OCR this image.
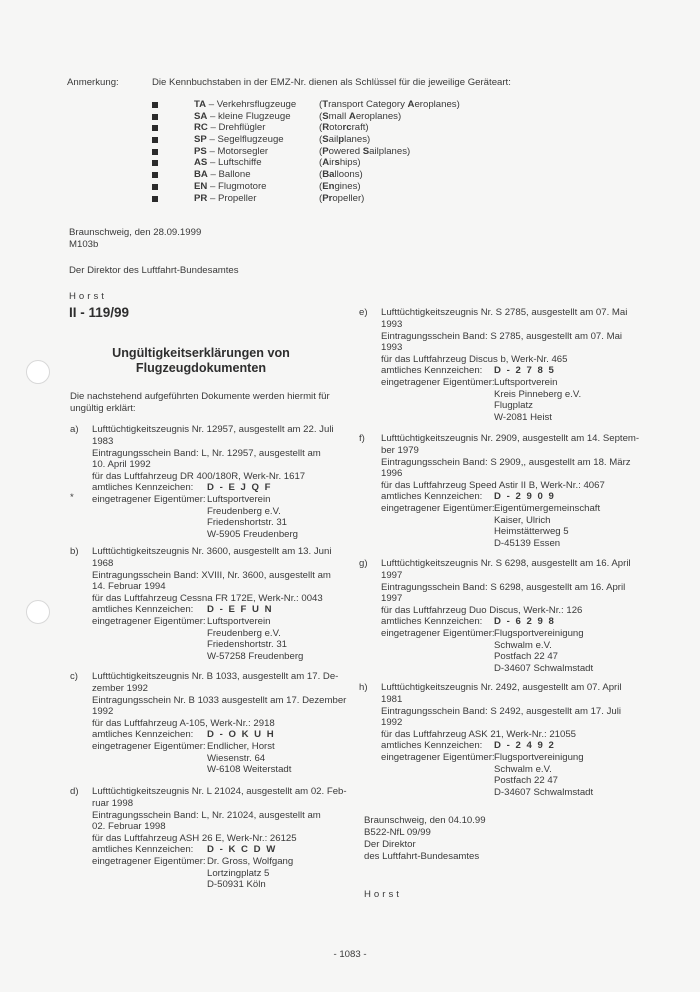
Anmerkung:	Die Kennbuchstaben in der EMZ-Nr. dienen als Schlüssel für die jeweilige Geräteart:
TA – Verkehrsflugzeuge (Transport Category Aeroplanes)
SA – kleine Flugzeuge	(Small Aeroplanes)
RC – Drehflügler	(Rotorcraft)
SP – Segelflugzeuge	(Sailplanes)
PS – Motorsegler	(Powered Sailplanes)
AS – Luftschiffe	(Airships)
BA – Ballone	(Balloons)
EN – Flugmotore	(Engines)
PR – Propeller	(Propeller)
Braunschweig, den 28.09.1999
M103b
Der Direktor des Luftfahrt-Bundesamtes
Horst
II - 119/99
Ungültigkeitserklärungen von
Flugzeugdokumenten
Die nachstehend aufgeführten Dokumente werden hiermit für
ungültig erklärt:
*
a) Lufttüchtigkeitszeugnis Nr. 12957, ausgestellt am 22. Juli
1983
Eintragungsschein Band: L, Nr. 12957, ausgestellt am
10. April 1992
für das Luftfahrzeug DR 400/180R, Werk-Nr. 1617
amtliches Kennzeichen: D - E J Q F
eingetragener Eigentümer: Luftsportverein
Freudenberg e.V.
Friedenshortstr. 31
W-5905 Freudenberg
b) Lufttüchtigkeitszeugnis Nr. 3600, ausgestellt am 13. Juni
1968
Eintragungsschein Band: XVIII, Nr. 3600, ausgestellt am
14. Februar 1994
für das Luftfahrzeug Cessna FR 172E, Werk-Nr.: 0043
amtliches Kennzeichen: D - E F U N
eingetragener Eigentümer: Luftsportverein
Freudenberg e.V.
Friedenshortstr. 31
W-57258 Freudenberg
c) Lufttüchtigkeitszeugnis Nr. B 1033, ausgestellt am 17. De-
zember 1992
Eintragungsschein Nr. B 1033 ausgestellt am 17. Dezember
1992
für das Luftfahrzeug A-105, Werk-Nr.: 2918
amtliches Kennzeichen: D - O K U H
eingetragener Eigentümer: Endlicher, Horst
Wiesenstr. 64
W-6108 Weiterstadt
d) Lufttüchtigkeitszeugnis Nr. L 21024, ausgestellt am 02. Feb-
ruar 1998
Eintragungsschein Band: L, Nr. 21024, ausgestellt am
02. Februar 1998
für das Luftfahrzeug ASH 26 E, Werk-Nr.: 26125
amtliches Kennzeichen: D - K C D W
eingetragener Eigentümer: Dr. Gross, Wolfgang
Lortzingplatz 5
D-50931 Köln
e) Lufttüchtigkeitszeugnis Nr. S 2785, ausgestellt am 07. Mai
1993
Eintragungsschein Band: S 2785, ausgestellt am 07. Mai
1993
für das Luftfahrzeug Discus b, Werk-Nr. 465
amtliches Kennzeichen: D - 2 7 8 5
eingetragener Eigentümer: Luftsportverein
Kreis Pinneberg e.V.
Flugplatz
W-2081 Heist
f) Lufttüchtigkeitszeugnis Nr. 2909, ausgestellt am 14. Septem-
ber 1979
Eintragungsschein Band: S 2909,, ausgestellt am 18. März
1996
für das Luftfahrzeug Speed Astir II B, Werk-Nr.: 4067
amtliches Kennzeichen: D - 2 9 0 9
eingetragener Eigentümer: Eigentümergemeinschaft
Kaiser, Ulrich
Heimstätterweg 5
D-45139 Essen
g) Lufttüchtigkeitszeugnis Nr. S 6298, ausgestellt am 16. April
1997
Eintragungsschein Band: S 6298, ausgestellt am 16. April
1997
für das Luftfahrzeug Duo Discus, Werk-Nr.: 126
amtliches Kennzeichen: D - 6 2 9 8
eingetragener Eigentümer: Flugsportvereinigung
Schwalm e.V.
Postfach 22 47
D-34607 Schwalmstadt
h) Lufttüchtigkeitszeugnis Nr. 2492, ausgestellt am 07. April
1981
Eintragungsschein Band: S 2492, ausgestellt am 17. Juli
1992
für das Luftfahrzeug ASK 21, Werk-Nr.: 21055
amtliches Kennzeichen: D - 2 4 9 2
eingetragener Eigentümer: Flugsportvereinigung
Schwalm e.V.
Postfach 22 47
D-34607 Schwalmstadt
Braunschweig, den 04.10.99
B522-NfL 09/99
Der Direktor
des Luftfahrt-Bundesamtes
Horst
- 1083 -
